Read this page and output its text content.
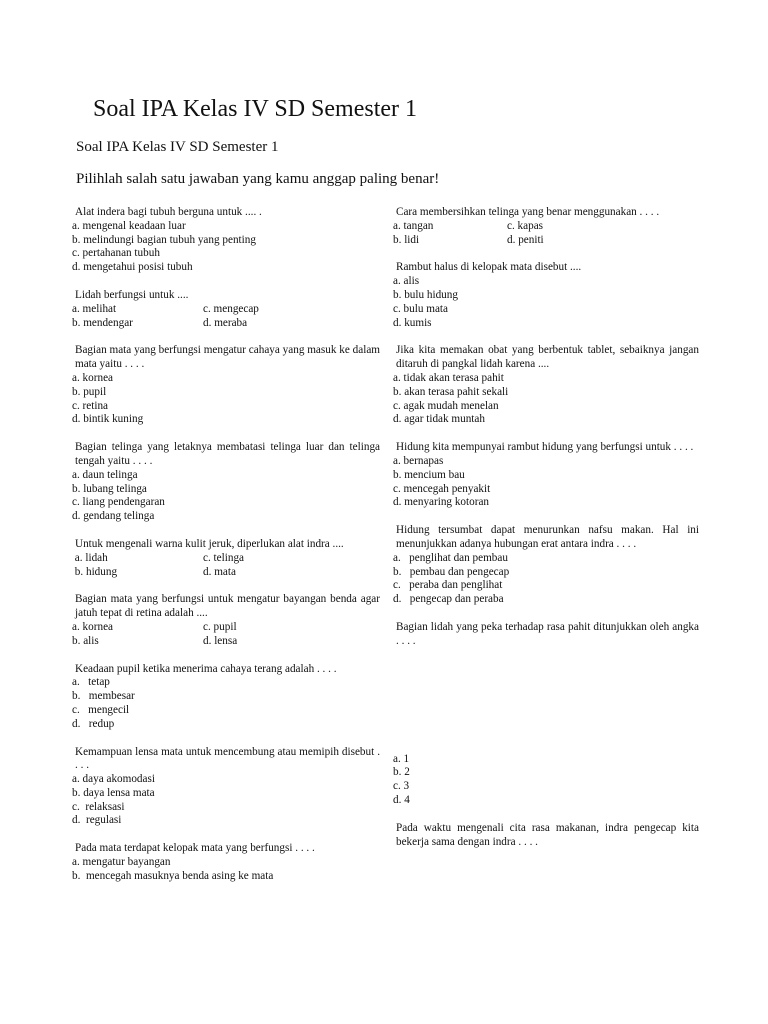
Soal IPA Kelas IV SD Semester 1
Soal IPA Kelas IV SD Semester 1
Pilihlah salah satu jawaban yang kamu anggap paling benar!
Alat indera bagi tubuh berguna untuk .... .
a. mengenal keadaan luar
b. melindungi bagian tubuh yang penting
c. pertahanan tubuh
d. mengetahui posisi tubuh
Lidah berfungsi untuk ....
a. melihat	c. mengecap
b. mendengar	d. meraba
Bagian mata yang berfungsi mengatur cahaya yang masuk ke dalam mata yaitu . . . .
a. kornea
b. pupil
c. retina
d. bintik kuning
Bagian telinga yang letaknya membatasi telinga luar dan telinga tengah yaitu . . . .
a. daun telinga
b. lubang telinga
c. liang pendengaran
d. gendang telinga
Untuk mengenali warna kulit jeruk, diperlukan alat indra ....
a. lidah	c. telinga
b. hidung	d. mata
Bagian mata yang berfungsi untuk mengatur bayangan benda agar jatuh tepat di retina adalah ....
a. kornea	c. pupil
b. alis	d. lensa
Keadaan pupil ketika menerima cahaya terang adalah . . . .
a.   tetap
b.   membesar
c.   mengecil
d.   redup
Kemampuan lensa mata untuk mencembung atau memipih disebut . . . .
a. daya akomodasi
b. daya lensa mata
c.  relaksasi
d.  regulasi
Pada mata terdapat kelopak mata yang berfungsi . . . .
a. mengatur bayangan
b.  mencegah masuknya benda asing ke mata
Cara membersihkan telinga yang benar menggunakan . . . .
a. tangan	c. kapas
b. lidi	d. peniti
Rambut halus di kelopak mata disebut ....
a. alis
b. bulu hidung
c. bulu mata
d. kumis
Jika kita memakan obat yang berbentuk tablet, sebaiknya jangan ditaruh di pangkal lidah karena ....
a. tidak akan terasa pahit
b. akan terasa pahit sekali
c. agak mudah menelan
d. agar tidak muntah
Hidung kita mempunyai rambut hidung yang berfungsi untuk . . . .
a. bernapas
b. mencium bau
c. mencegah penyakit
d. menyaring kotoran
Hidung tersumbat dapat menurunkan nafsu makan. Hal ini menunjukkan adanya hubungan erat antara indra . . . .
a.   penglihat dan pembau
b.   pembau dan pengecap
c.   peraba dan penglihat
d.   pengecap dan peraba
Bagian lidah yang peka terhadap rasa pahit ditunjukkan oleh angka . . . .
a. 1
b. 2
c. 3
d. 4
Pada waktu mengenali cita rasa makanan, indra pengecap kita bekerja sama dengan indra . . . .
